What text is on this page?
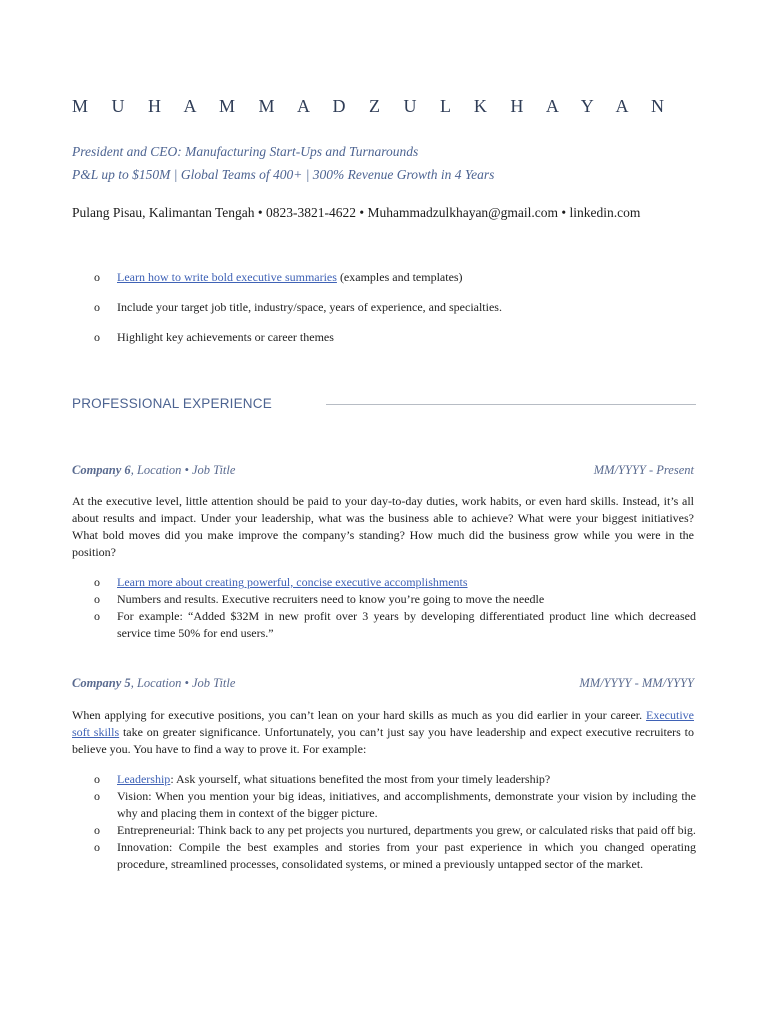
M U H A M M A D Z U L K H A Y A N
President and CEO: Manufacturing Start-Ups and Turnarounds
P&L up to $150M | Global Teams of 400+ | 300% Revenue Growth in 4 Years
Pulang Pisau, Kalimantan Tengah • 0823-3821-4622 • Muhammadzulkhayan@gmail.com • linkedin.com
o Learn how to write bold executive summaries (examples and templates)
o Include your target job title, industry/space, years of experience, and specialties.
o Highlight key achievements or career themes
PROFESSIONAL EXPERIENCE
Company 6, Location • Job Title	MM/YYYY - Present
At the executive level, little attention should be paid to your day-to-day duties, work habits, or even hard skills. Instead, it’s all about results and impact. Under your leadership, what was the business able to achieve? What were your biggest initiatives? What bold moves did you make improve the company’s standing? How much did the business grow while you were in the position?
o Learn more about creating powerful, concise executive accomplishments
o Numbers and results. Executive recruiters need to know you’re going to move the needle
o For example: “Added $32M in new profit over 3 years by developing differentiated product line which decreased service time 50% for end users.”
Company 5, Location • Job Title	MM/YYYY - MM/YYYY
When applying for executive positions, you can’t lean on your hard skills as much as you did earlier in your career. Executive soft skills take on greater significance. Unfortunately, you can’t just say you have leadership and expect executive recruiters to believe you. You have to find a way to prove it. For example:
o Leadership: Ask yourself, what situations benefited the most from your timely leadership?
o Vision: When you mention your big ideas, initiatives, and accomplishments, demonstrate your vision by including the why and placing them in context of the bigger picture.
o Entrepreneurial: Think back to any pet projects you nurtured, departments you grew, or calculated risks that paid off big.
o Innovation: Compile the best examples and stories from your past experience in which you changed operating procedure, streamlined processes, consolidated systems, or mined a previously untapped sector of the market.
